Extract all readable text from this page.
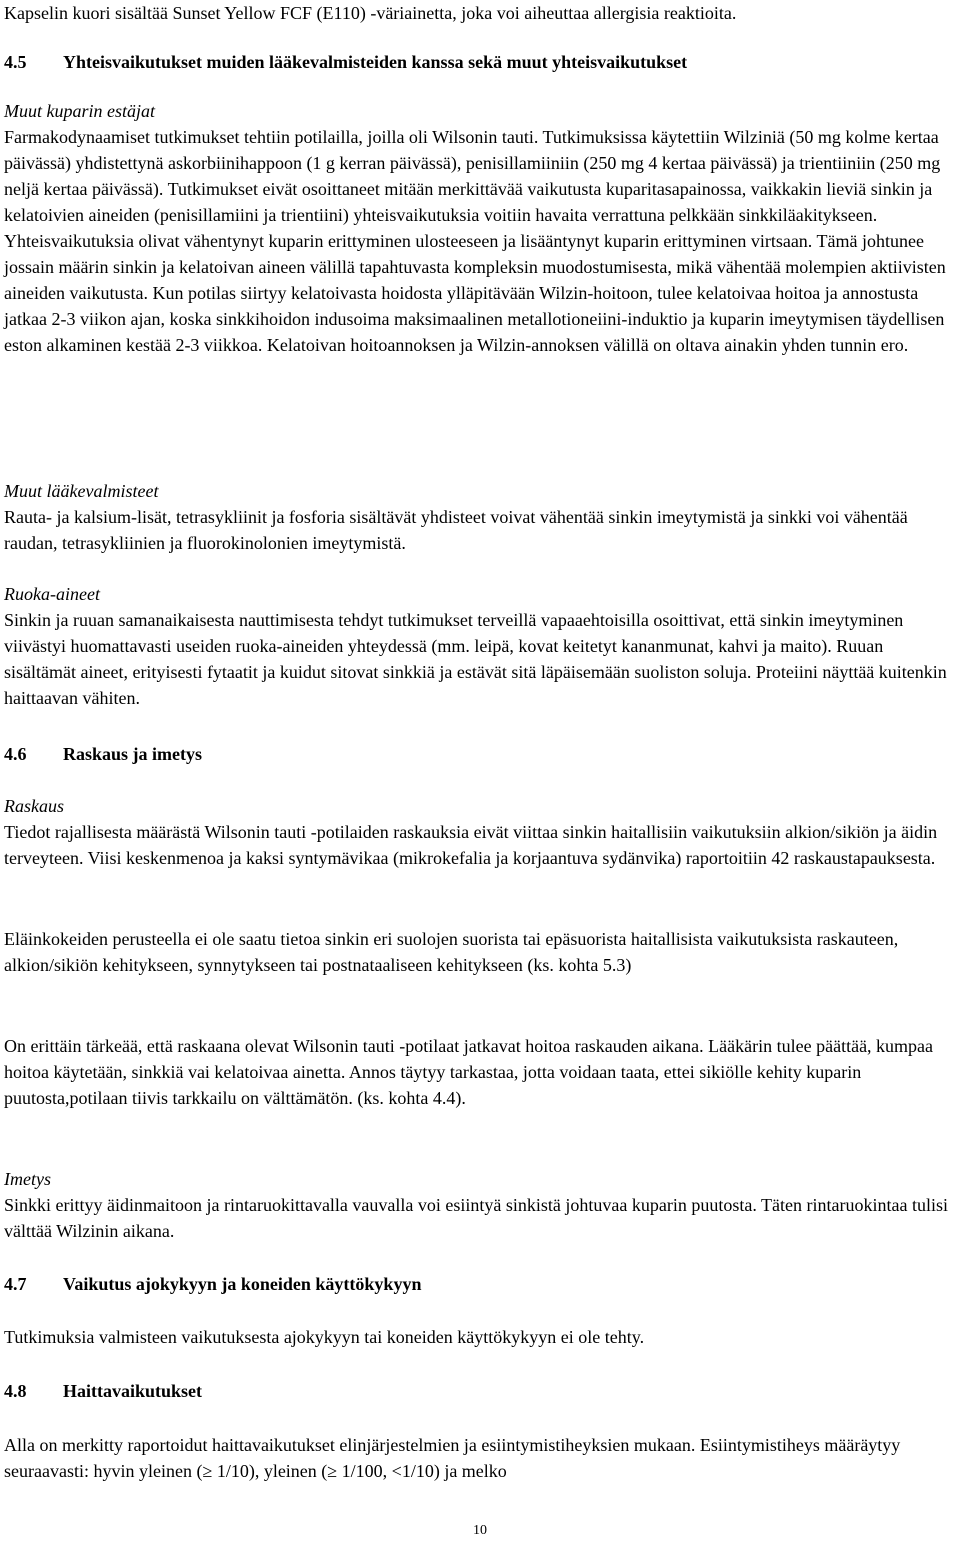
Kapselin kuori sisältää Sunset Yellow FCF (E110) -väriainetta, joka voi aiheuttaa allergisia reaktioita.

4.5 Yhteisvaikutukset muiden lääkevalmisteiden kanssa sekä muut yhteisvaikutukset

Muut kuparin estäjat

Farmakodynaamiset tutkimukset tehtiin potilailla, joilla oli Wilsonin tauti. Tutkimuksissa käytettiin Wilziniä (50 mg kolme kertaa päivässä) yhdistettynä askorbiinihappoon (1 g kerran päivässä), penisillamiiniin (250 mg 4 kertaa päivässä) ja trientiiniin (250 mg neljä kertaa päivässä). Tutkimukset eivät osoittaneet mitään merkittävää vaikutusta kuparitasapainossa, vaikkakin lieviä sinkin ja kelatoivien aineiden (penisillamiini ja trientiini) yhteisvaikutuksia voitiin havaita verrattuna pelkkään sinkkiläakitykseen. Yhteisvaikutuksia olivat vähentynyt kuparin erittyminen ulosteeseen ja lisääntynyt kuparin erittyminen virtsaan. Tämä johtunee jossain määrin sinkin ja kelatoivan aineen välillä tapahtuvasta kompleksin muodostumisesta, mikä vähentää molempien aktiivisten aineiden vaikutusta. Kun potilas siirtyy kelatoivasta hoidosta ylläpitävään Wilzin-hoitoon, tulee kelatoivaa hoitoa ja annostusta jatkaa 2-3 viikon ajan, koska sinkkihoidon indusoima maksimaalinen metallotioneiini-induktio ja kuparin imeytymisen täydellisen eston alkaminen kestää 2-3 viikkoa. Kelatoivan hoitoannoksen ja Wilzin-annoksen välillä on oltava ainakin yhden tunnin ero.

Muut lääkevalmisteet

Rauta- ja kalsium-lisät, tetrasykliinit ja fosforia sisältävät yhdisteet voivat vähentää sinkin imeytymistä ja sinkki voi vähentää raudan, tetrasykliinien ja fluorokinolonien imeytymistä.

Ruoka-aineet

Sinkin ja ruuan samanaikaisesta nauttimisesta tehdyt tutkimukset terveillä vapaaehtoisilla osoittivat, että sinkin imeytyminen viivästyi huomattavasti useiden ruoka-aineiden yhteydessä (mm. leipä, kovat keitetyt kananmunat, kahvi ja maito). Ruuan sisältämät aineet, erityisesti fytaatit ja kuidut sitovat sinkkiä ja estävät sitä läpäisemään suoliston soluja. Proteiini näyttää kuitenkin haittaavan vähiten.

4.6 Raskaus ja imetys

Raskaus

Tiedot rajallisesta määrästä Wilsonin tauti -potilaiden raskauksia eivät viittaa sinkin haitallisiin vaikutuksiin alkion/sikiön ja äidin terveyteen. Viisi keskenmenoa ja kaksi syntymävikaa (mikrokefalia ja korjaantuva sydänvika) raportoitiin 42 raskaustapauksesta.

Eläinkokeiden perusteella ei ole saatu tietoa sinkin eri suolojen suorista tai epäsuorista haitallisista vaikutuksista raskauteen, alkion/sikiön kehitykseen, synnytykseen tai postnataaliseen kehitykseen (ks. kohta 5.3)

On erittäin tärkeää, että raskaana olevat Wilsonin tauti -potilaat jatkavat hoitoa raskauden aikana. Lääkärin tulee päättää, kumpaa hoitoa käytetään, sinkkiä vai kelatoivaa ainetta. Annos täytyy tarkastaa, jotta voidaan taata, ettei sikiölle kehity kuparin puutosta,potilaan tiivis tarkkailu on välttämätön. (ks. kohta 4.4).

Imetys

Sinkki erittyy äidinmaitoon ja rintaruokittavalla vauvalla voi esiintyä sinkistä johtuvaa kuparin puutosta. Täten rintaruokintaa tulisi välttää Wilzinin aikana.

4.7 Vaikutus ajokykyyn ja koneiden käyttökykyyn

Tutkimuksia valmisteen vaikutuksesta ajokykyyn tai koneiden käyttökykyyn ei ole tehty.

4.8 Haittavaikutukset

Alla on merkitty raportoidut haittavaikutukset elinjärjestelmien ja esiintymistiheyksien mukaan. Esiintymistiheys määräytyy seuraavasti: hyvin yleinen (≥ 1/10), yleinen (≥ 1/100, <1/10) ja melko

10
